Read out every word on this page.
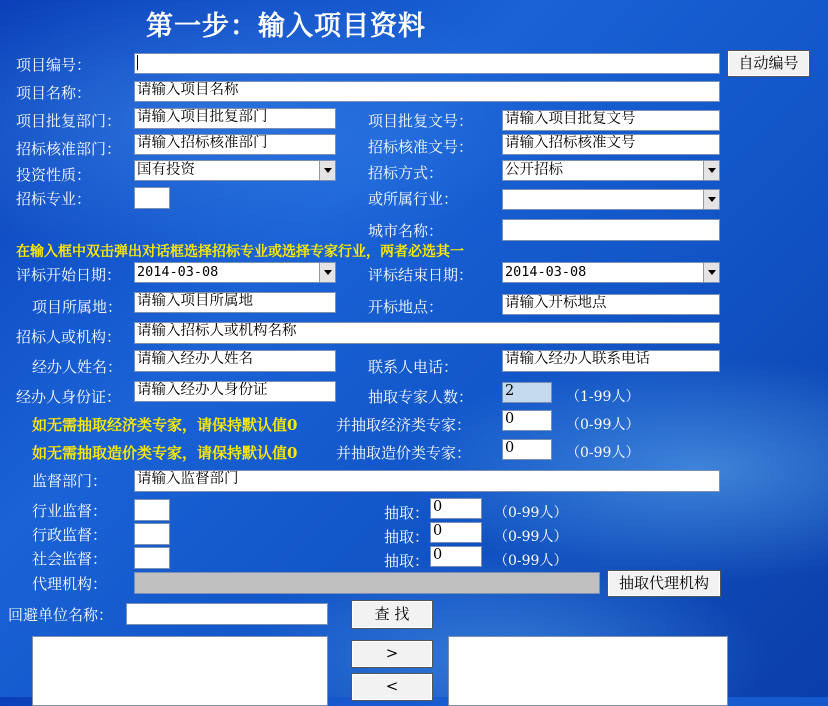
第一步：输入项目资料
项目编号：	自动编号
项目名称：	请输入项目名称
项目批复部门： 请输入项目批复部门	项目批复文号： 请输入项目批复文号
招标核准部门： 请输入招标核准部门	招标核准文号： 请输入招标核准文号
投资性质：	国有投资	招标方式：	公开招标
招标专业：	或所属行业：
城市名称：
在输入框中双击弹出对话框选择招标专业或选择专家行业，两者必选其一
评标开始日期： 2014-03-08	评标结束日期： 2014-03-08
项目所属地： 请输入项目所属地	开标地点：	请输入开标地点
招标人或机构： 请输入招标人或机构名称
经办人姓名： 请输入经办人姓名	联系人电话：	请输入经办人联系电话
经办人身份证： 请输入经办人身份证	抽取专家人数： 2	（1-99人）
如无需抽取经济类专家，请保持默认值0	并抽取经济类专家： 0	（0-99人）
如无需抽取造价类专家，请保持默认值0	并抽取造价类专家： 0	（0-99人）
监督部门： 请输入监督部门
行业监督：	抽取： 0	（0-99人）
行政监督：	抽取： 0	（0-99人）
社会监督：	抽取： 0	（0-99人）
代理机构：	抽取代理机构
回避单位名称：	查 找
>
<
